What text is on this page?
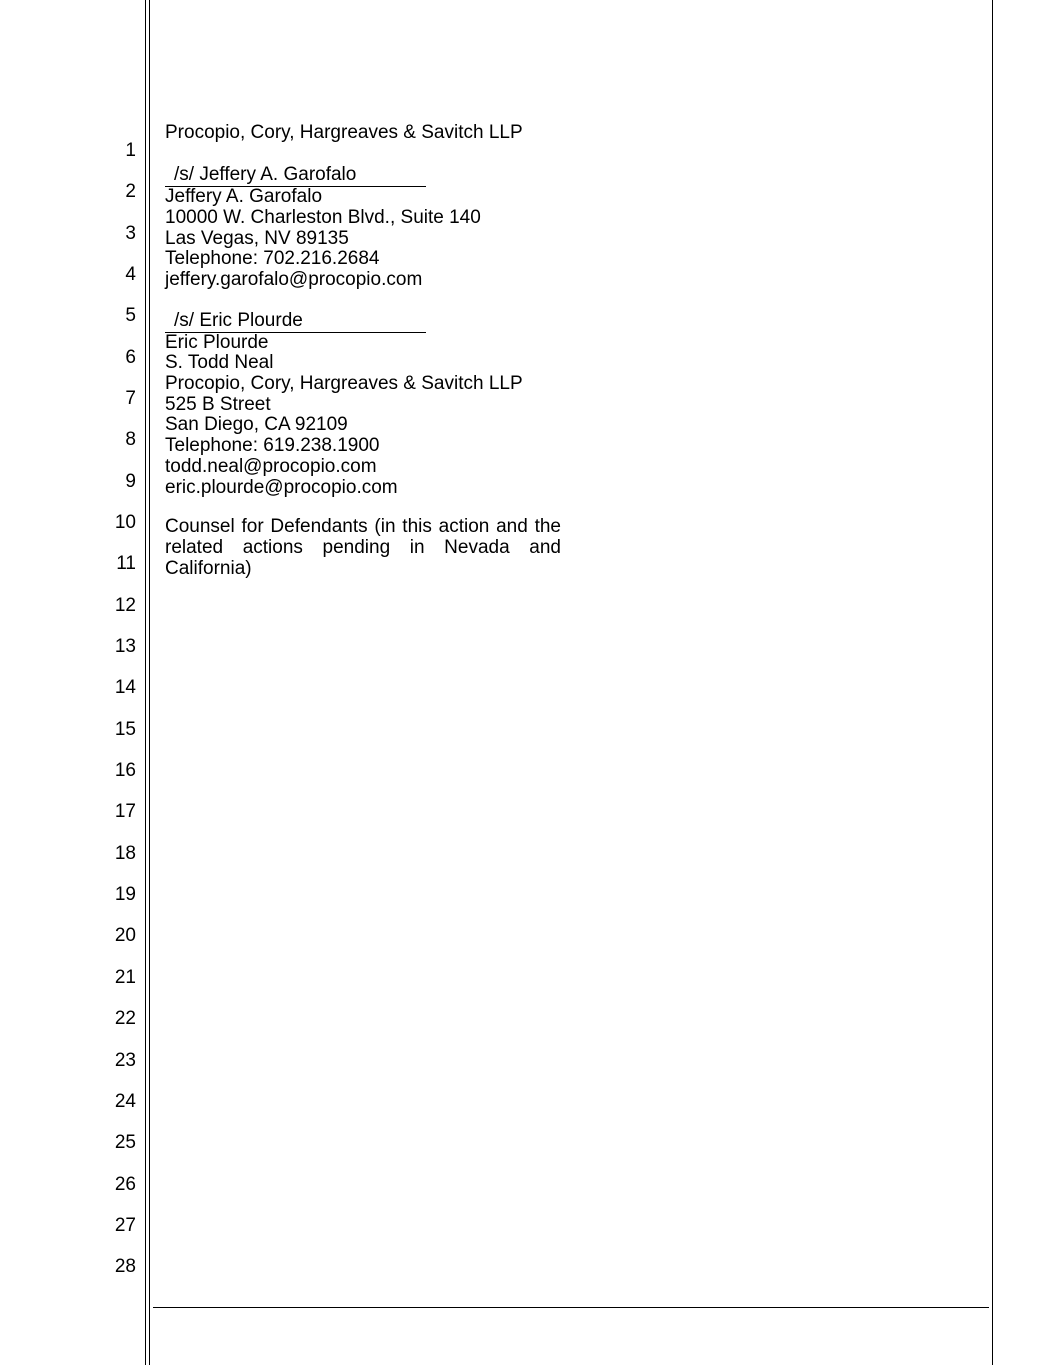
1
2
3
4
5
6
7
8
9
10
11
12
13
14
15
16
17
18
19
20
21
22
23
24
25
26
27
28
Procopio, Cory, Hargreaves & Savitch LLP
/s/ Jeffery A. Garofalo
Jeffery A. Garofalo
10000 W. Charleston Blvd., Suite 140
Las Vegas, NV 89135
Telephone: 702.216.2684
jeffery.garofalo@procopio.com
/s/ Eric Plourde
Eric Plourde
S. Todd Neal
Procopio, Cory, Hargreaves & Savitch LLP
525 B Street
San Diego, CA 92109
Telephone: 619.238.1900
todd.neal@procopio.com
eric.plourde@procopio.com
Counsel for Defendants (in this action and the related actions pending in Nevada and California)
